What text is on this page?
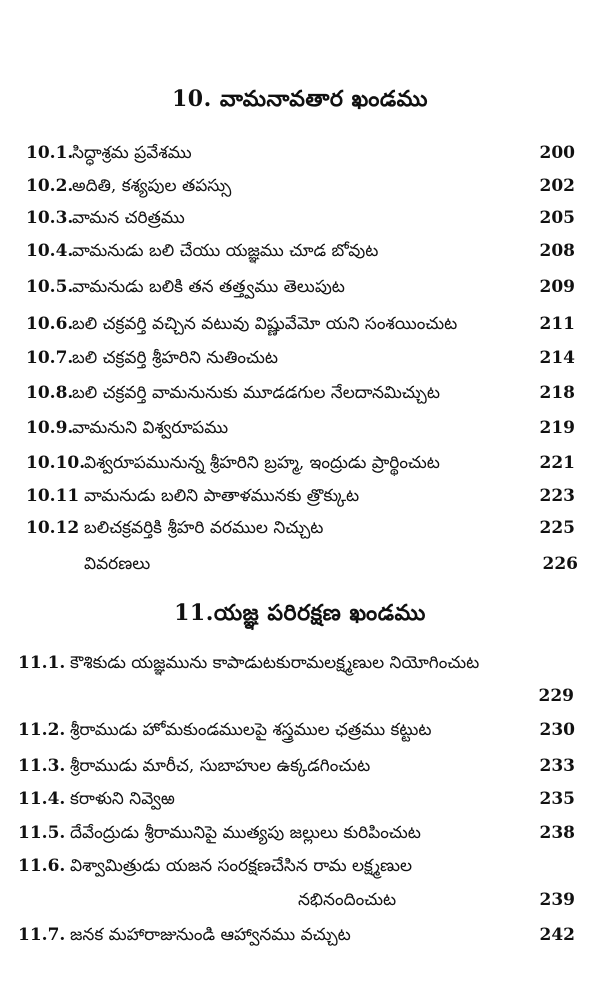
10. వామనావతార ఖండము
10.1.
సిద్ధాశ్రమ ప్రవేశము	200
10.2.
అదితి, కశ్యపుల తపస్సు	202
10.3.
వామన చరిత్రము	205
10.4.
వామనుడు బలి చేయు యజ్ఞము చూడ బోవుట	208
10.5.
వామనుడు బలికి తన తత్త్వము తెలుపుట	209
10.6.
బలి చక్రవర్తి వచ్చిన వటువు విష్ణువేమో యని సంశయించుట	211
10.7.
బలి చక్రవర్తి శ్రీహరిని నుతించుట	214
10.8.
బలి చక్రవర్తి వామనునుకు మూడడగుల నేలదానమిచ్చుట	218
10.9.
వామనుని విశ్వరూపము	219
10.10.
విశ్వరూపమునున్న శ్రీహరిని బ్రహ్మ, ఇంద్రుడు ప్రార్థించుట	221
10.11 వామనుడు బలిని పాతాళమునకు త్రొక్కుట	223
10.12 బలిచక్రవర్తికి శ్రీహరి వరముల నిచ్చుట	225
వివరణలు	226
11.యజ్ఞ పరిరక్షణ ఖండము
11.1. కౌశికుడు యజ్ఞమును కాపాడుటకురామలక్ష్మణుల నియోగించుట
229
11.2. శ్రీరాముడు హోమకుండములపై శస్త్రముల ఛత్రము కట్టుట	230
11.3. శ్రీరాముడు మారీచ, సుబాహుల ఉక్కడగించుట	233
11.4. కరాళుని నివ్వెఱ	235
11.5. దేవేంద్రుడు శ్రీరామునిపై ముత్యపు జల్లులు కురిపించుట	238
11.6. విశ్వామిత్రుడు యజన సంరక్షణచేసిన రామ లక్ష్మణుల
నభినందించుట	239
11.7. జనక మహారాజునుండి ఆహ్వానము వచ్చుట	242
